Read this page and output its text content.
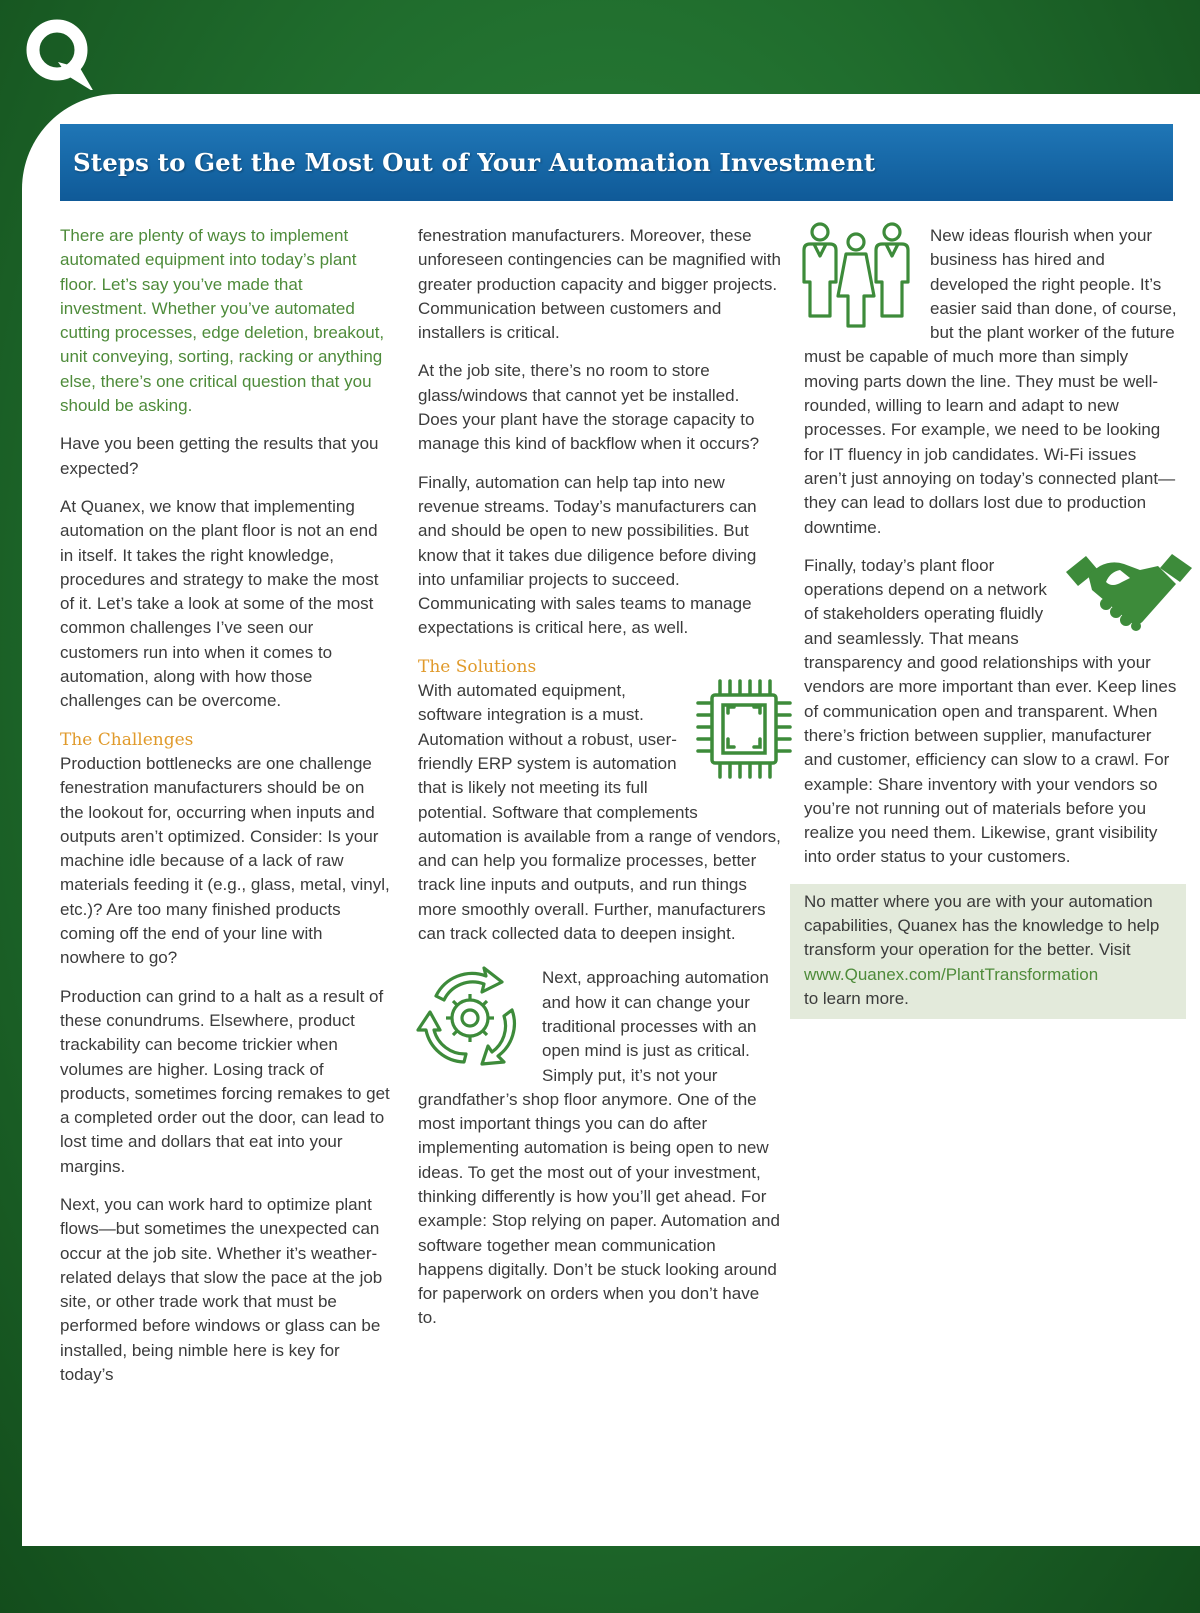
Steps to Get the Most Out of Your Automation Investment

There are plenty of ways to implement automated equipment into today’s plant floor. Let’s say you’ve made that investment. Whether you’ve automated cutting processes, edge deletion, breakout, unit conveying, sorting, racking or anything else, there’s one critical question that you should be asking.

Have you been getting the results that you expected?

At Quanex, we know that implementing automation on the plant floor is not an end in itself. It takes the right knowledge, procedures and strategy to make the most of it. Let’s take a look at some of the most common challenges I’ve seen our customers run into when it comes to automation, along with how those challenges can be overcome.

The Challenges

Production bottlenecks are one challenge fenestration manufacturers should be on the lookout for, occurring when inputs and outputs aren’t optimized. Consider: Is your machine idle because of a lack of raw materials feeding it (e.g., glass, metal, vinyl, etc.)? Are too many finished products coming off the end of your line with nowhere to go?

Production can grind to a halt as a result of these conundrums. Elsewhere, product trackability can become trickier when volumes are higher. Losing track of products, sometimes forcing remakes to get a completed order out the door, can lead to lost time and dollars that eat into your margins.

Next, you can work hard to optimize plant flows—but sometimes the unexpected can occur at the job site. Whether it’s weather-related delays that slow the pace at the job site, or other trade work that must be performed before windows or glass can be installed, being nimble here is key for today’s

fenestration manufacturers. Moreover, these unforeseen contingencies can be magnified with greater production capacity and bigger projects. Communication between customers and installers is critical.

At the job site, there’s no room to store glass/windows that cannot yet be installed. Does your plant have the storage capacity to manage this kind of backflow when it occurs?

Finally, automation can help tap into new revenue streams. Today’s manufacturers can and should be open to new possibilities. But know that it takes due diligence before diving into unfamiliar projects to succeed. Communicating with sales teams to manage expectations is critical here, as well.

The Solutions

With automated equipment, software integration is a must. Automation without a robust, user-friendly ERP system is automation that is likely not meeting its full potential. Software that complements automation is available from a range of vendors, and can help you formalize processes, better track line inputs and outputs, and run things more smoothly overall. Further, manufacturers can track collected data to deepen insight.

Next, approaching automation and how it can change your traditional processes with an open mind is just as critical. Simply put, it’s not your grandfather’s shop floor anymore. One of the most important things you can do after implementing automation is being open to new ideas. To get the most out of your investment, thinking differently is how you’ll get ahead. For example: Stop relying on paper. Automation and software together mean communication happens digitally. Don’t be stuck looking around for paperwork on orders when you don’t have to.

New ideas flourish when your business has hired and developed the right people. It’s easier said than done, of course, but the plant worker of the future must be capable of much more than simply moving parts down the line. They must be well-rounded, willing to learn and adapt to new processes. For example, we need to be looking for IT fluency in job candidates. Wi-Fi issues aren’t just annoying on today’s connected plant—they can lead to dollars lost due to production downtime.

Finally, today’s plant floor operations depend on a network of stakeholders operating fluidly and seamlessly. That means transparency and good relationships with your vendors are more important than ever. Keep lines of communication open and transparent. When there’s friction between supplier, manufacturer and customer, efficiency can slow to a crawl. For example: Share inventory with your vendors so you’re not running out of materials before you realize you need them. Likewise, grant visibility into order status to your customers.

No matter where you are with your automation capabilities, Quanex has the knowledge to help transform your operation for the better. Visit
www.Quanex.com/PlantTransformation
to learn more.
